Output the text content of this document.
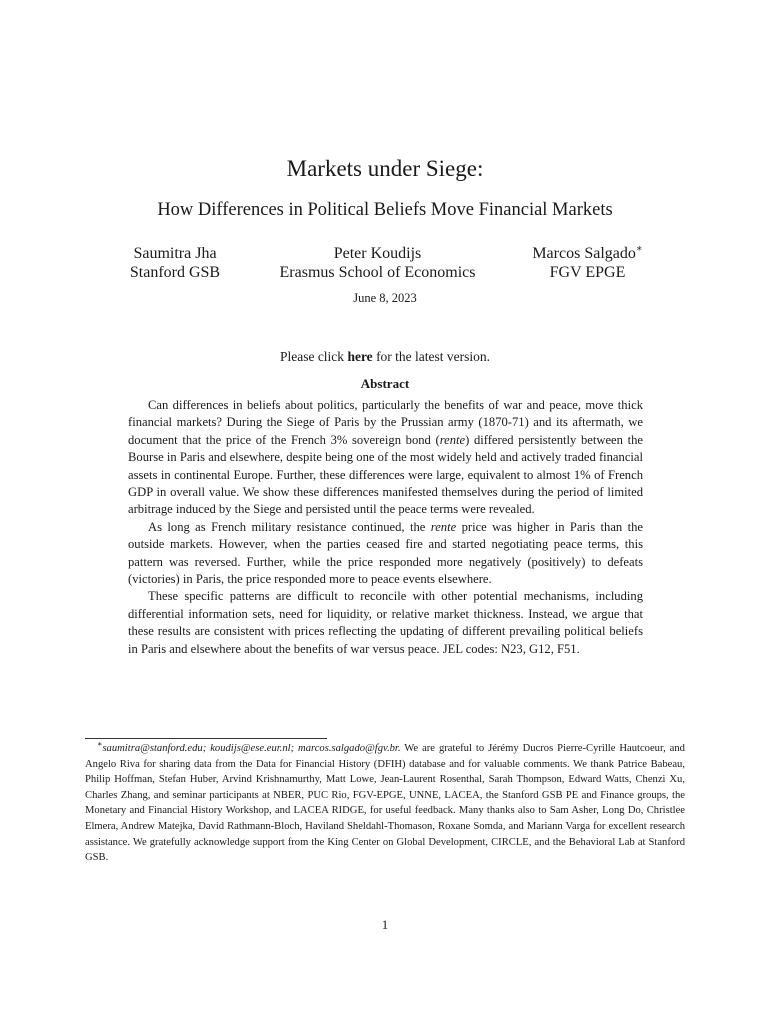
Markets under Siege:
How Differences in Political Beliefs Move Financial Markets
Saumitra Jha
Stanford GSB
Peter Koudijs
Erasmus School of Economics
Marcos Salgado∗
FGV EPGE
June 8, 2023
Please click here for the latest version.
Abstract

Can differences in beliefs about politics, particularly the benefits of war and peace, move thick financial markets? During the Siege of Paris by the Prussian army (1870-71) and its aftermath, we document that the price of the French 3% sovereign bond (rente) differed persistently between the Bourse in Paris and elsewhere, despite being one of the most widely held and actively traded financial assets in continental Europe. Further, these differences were large, equivalent to almost 1% of French GDP in overall value. We show these differences manifested themselves during the period of limited arbitrage induced by the Siege and persisted until the peace terms were revealed.

As long as French military resistance continued, the rente price was higher in Paris than the outside markets. However, when the parties ceased fire and started negotiating peace terms, this pattern was reversed. Further, while the price responded more negatively (positively) to defeats (victories) in Paris, the price responded more to peace events elsewhere.

These specific patterns are difficult to reconcile with other potential mechanisms, including differential information sets, need for liquidity, or relative market thickness. Instead, we argue that these results are consistent with prices reflecting the updating of different prevailing political beliefs in Paris and elsewhere about the benefits of war versus peace. JEL codes: N23, G12, F51.

∗saumitra@stanford.edu; koudijs@ese.eur.nl; marcos.salgado@fgv.br. We are grateful to Jérémy Ducros Pierre-Cyrille Hautcoeur, and Angelo Riva for sharing data from the Data for Financial History (DFIH) database and for valuable comments. We thank Patrice Babeau, Philip Hoffman, Stefan Huber, Arvind Krishnamurthy, Matt Lowe, Jean-Laurent Rosenthal, Sarah Thompson, Edward Watts, Chenzi Xu, Charles Zhang, and seminar participants at NBER, PUC Rio, FGV-EPGE, UNNE, LACEA, the Stanford GSB PE and Finance groups, the Monetary and Financial History Workshop, and LACEA RIDGE, for useful feedback. Many thanks also to Sam Asher, Long Do, Christlee Elmera, Andrew Matejka, David Rathmann-Bloch, Haviland Sheldahl-Thomason, Roxane Somda, and Mariann Varga for excellent research assistance. We gratefully acknowledge support from the King Center on Global Development, CIRCLE, and the Behavioral Lab at Stanford GSB.
1
